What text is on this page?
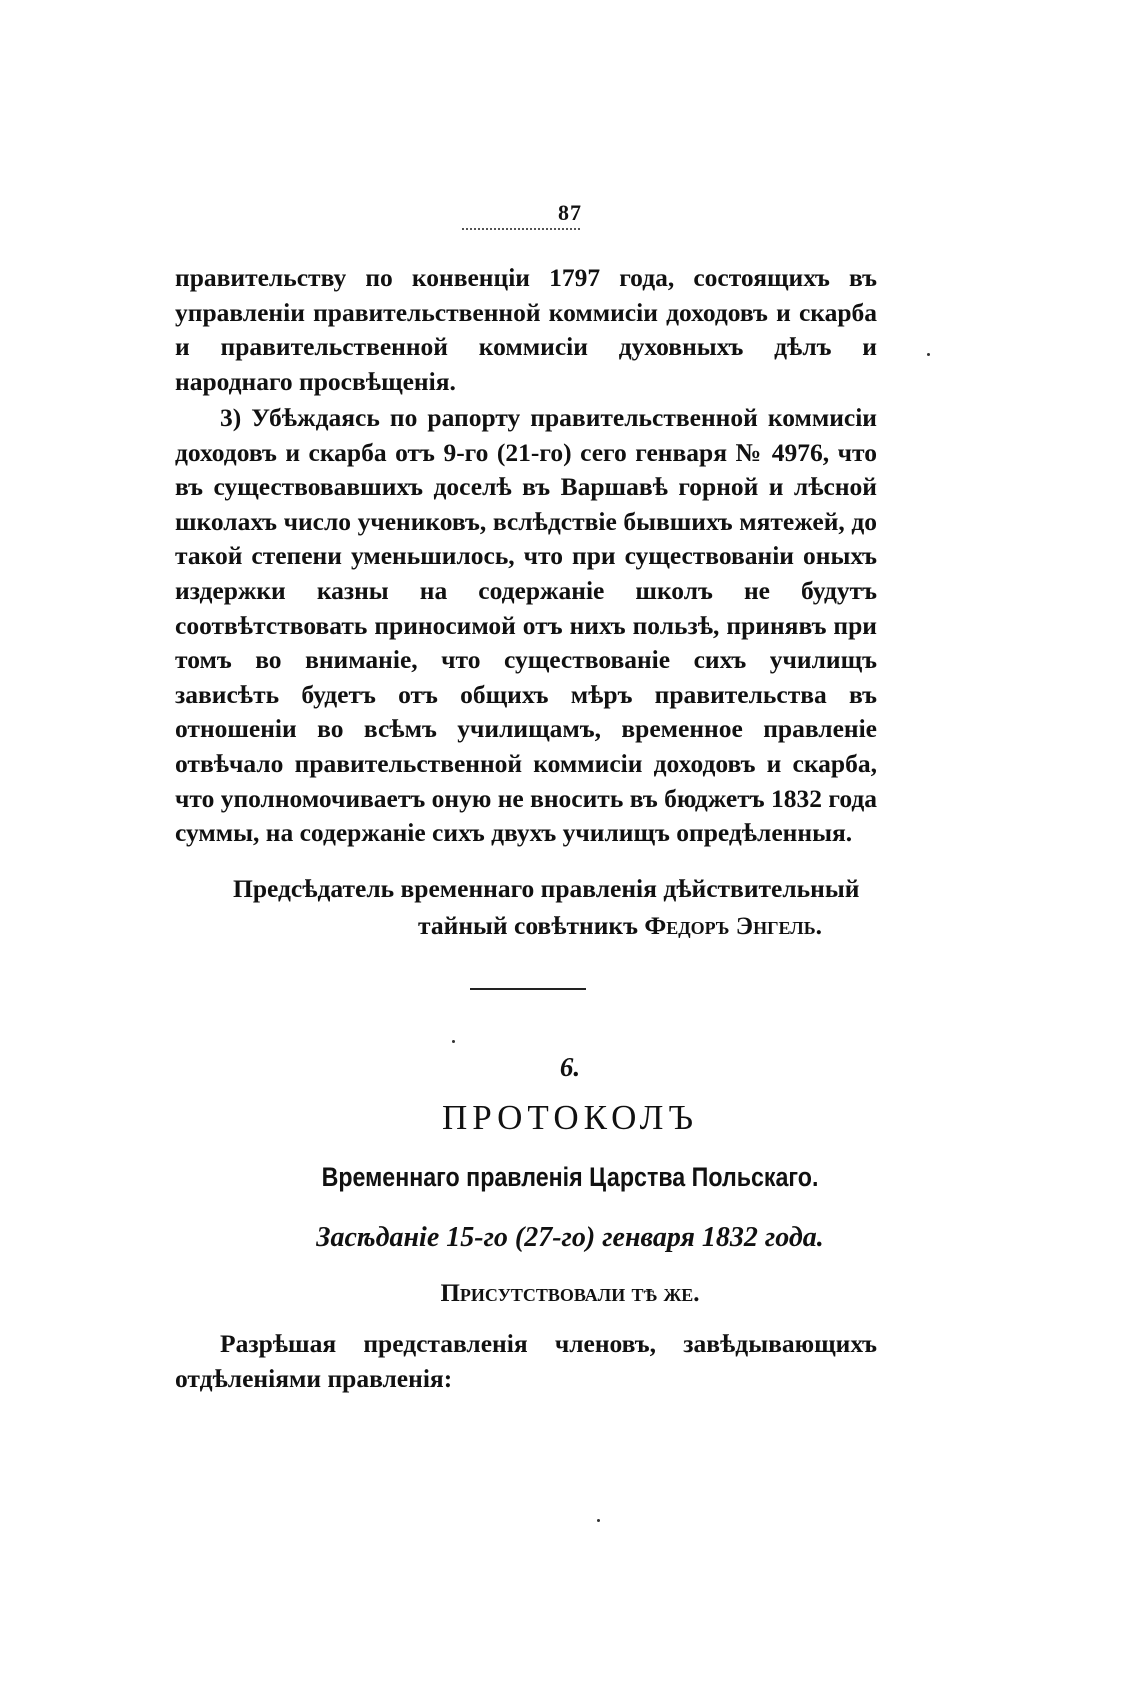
87
правительству по конвенціи 1797 года, состоящихъ въ управленіи правительственной коммисіи доходовъ и скарба и правительственной коммисіи духовныхъ дѣлъ и народнаго просвѣщенія.
3) Убѣждаясь по рапорту правительственной коммисіи доходовъ и скарба отъ 9-го (21-го) сего генваря № 4976, что въ существовавшихъ доселѣ въ Варшавѣ горной и лѣсной школахъ число учениковъ, вслѣдствіе бывшихъ мятежей, до такой степени уменьшилось, что при существованіи оныхъ издержки казны на содержаніе школъ не будутъ соотвѣтствовать приносимой отъ нихъ пользѣ, принявъ при томъ во вниманіе, что существованіе сихъ училищъ зависѣть будетъ отъ общихъ мѣръ правительства въ отношеніи во всѣмъ училищамъ, временное правленіе отвѣчало правительственной коммисіи доходовъ и скарба, что уполномочиваетъ оную не вносить въ бюджетъ 1832 года суммы, на содержаніе сихъ двухъ училищъ опредѣленныя.
Предсѣдатель временнаго правленія дѣйствительный
тайный совѣтникъ Федоръ Энгель.
6.
ПРОТОКОЛЪ
Временнаго правленія Царства Польскаго.
Засѣданіе 15-го (27-го) генваря 1832 года.
Присутствовали тѣ же.
Разрѣшая представленія членовъ, завѣдывающихъ отдѣленіями правленія:
